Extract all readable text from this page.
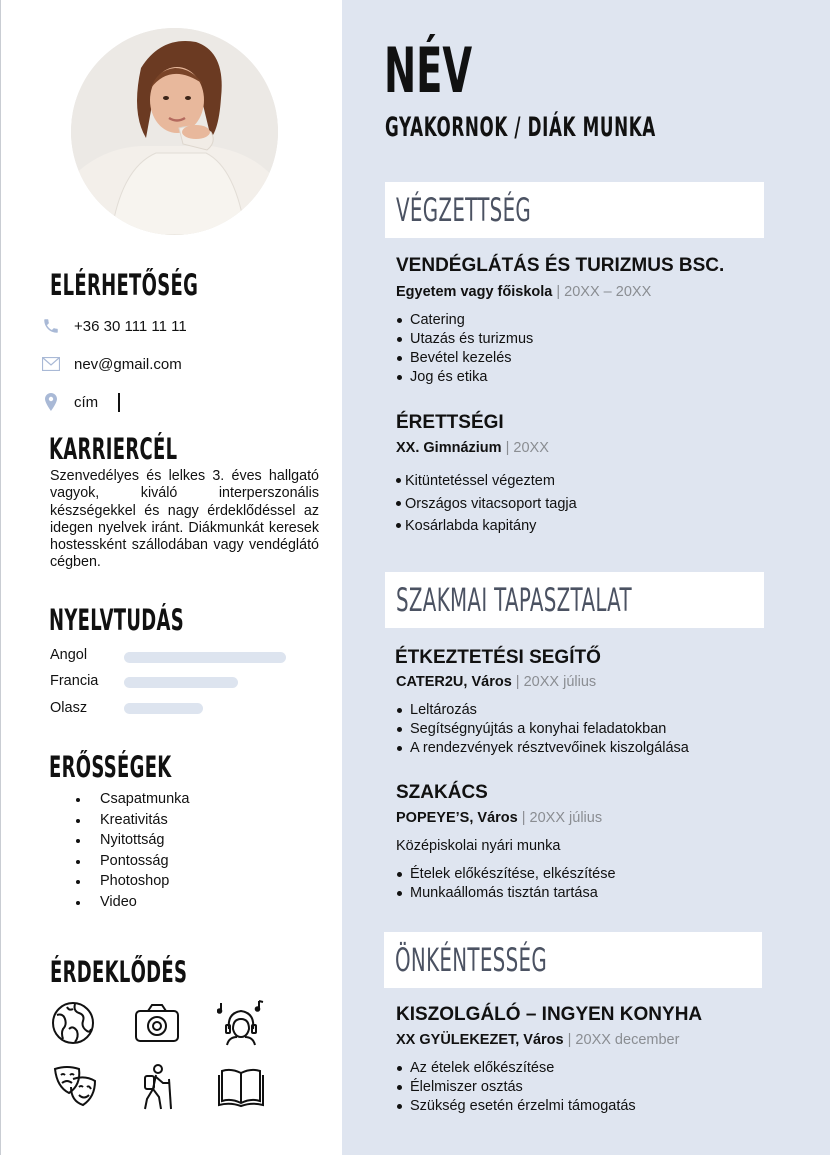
ELÉRHETŐSÉG
+36 30 111 11 11
nev@gmail.com
cím
KARRIERCÉL

Szenvedélyes és lelkes 3. éves hallgató vagyok, kiváló interperszonális készségekkel és nagy érdeklődéssel az idegen nyelvek iránt. Diákmunkát keresek hostessként szállodában vagy vendéglátó cégben.

NYELVTUDÁS
Angol
Francia
Olasz
ERŐSSÉGEK
Csapatmunka
Kreativitás
Nyitottság
Pontosság
Photoshop
Video
ÉRDEKLŐDÉS
NÉV
GYAKORNOK / DIÁK MUNKA
VÉGZETTSÉG
VENDÉGLÁTÁS ÉS TURIZMUS BSC.
Egyetem vagy főiskola | 20XX – 20XX
Catering
Utazás és turizmus
Bevétel kezelés
Jog és etika
ÉRETTSÉGI
XX. Gimnázium | 20XX
Kitüntetéssel végeztem
Országos vitacsoport tagja
Kosárlabda kapitány
SZAKMAI TAPASZTALAT
ÉTKEZTETÉSI SEGÍTŐ
CATER2U, Város | 20XX július
Leltározás
Segítségnyújtás a konyhai feladatokban
A rendezvények résztvevőinek kiszolgálása
SZAKÁCS
POPEYE’S, Város | 20XX július
Középiskolai nyári munka
Ételek előkészítése, elkészítése
Munkaállomás tisztán tartása
ÖNKÉNTESSÉG
KISZOLGÁLÓ – INGYEN KONYHA
XX GYÜLEKEZET, Város | 20XX december
Az ételek előkészítése
Élelmiszer osztás
Szükség esetén érzelmi támogatás
